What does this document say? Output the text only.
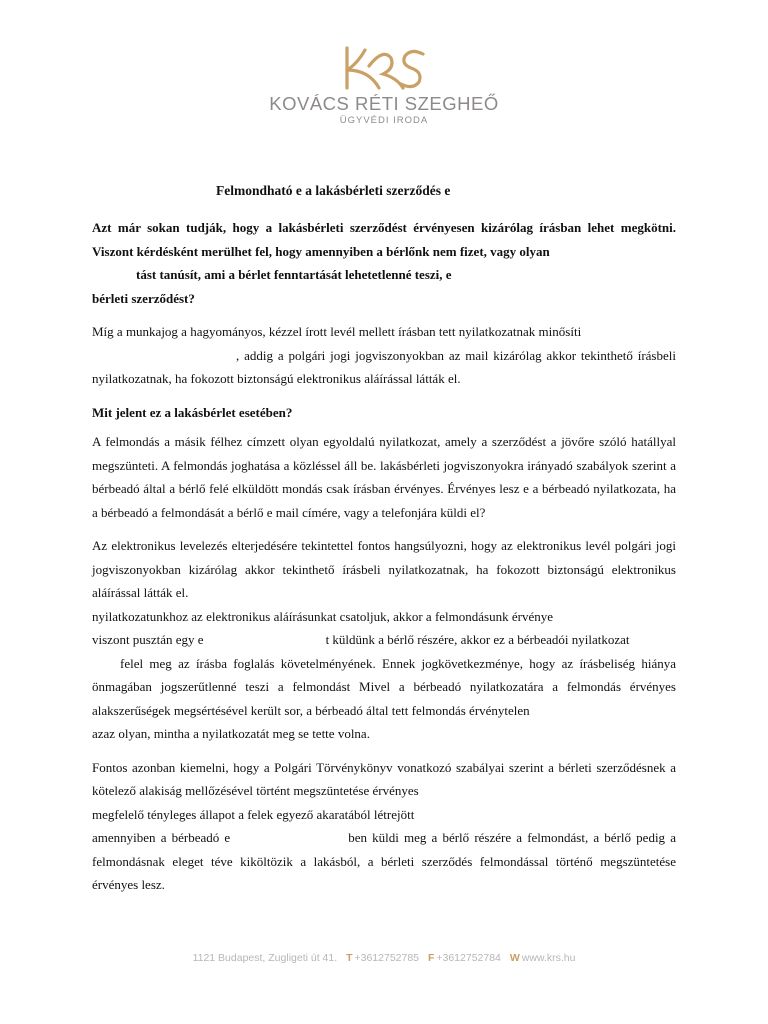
KOVÁCS RÉTI SZEGHEŐ
ÜGYVÉDI IRODA
Felmondható e a lakásbérleti szerződés e

Azt már sokan tudják, hogy a lakásbérleti szerződést érvényesen kizárólag írásban lehet megkötni. Viszont kérdésként merülhet fel, hogy amennyiben a bérlőnk nem fizet, vagy olyan
tást tanúsít, ami a bérlet fenntartását lehetetlenné teszi, e
bérleti szerződést?

Míg a munkajog a hagyományos, kézzel írott levél mellett írásban tett nyilatkozatnak minősíti
, addig a polgári jogi jogviszonyokban az mail kizárólag akkor tekinthető írásbeli nyilatkozatnak, ha fokozott biztonságú elektronikus aláírással látták el.

Mit jelent ez a lakásbérlet esetében?

A felmondás a másik félhez címzett olyan egyoldalú nyilatkozat, amely a szerződést a jövőre szóló hatállyal megszünteti. A felmondás joghatása a közléssel áll be. lakásbérleti jogviszonyokra irányadó szabályok szerint a bérbeadó által a bérlő felé elküldött mondás csak írásban érvényes. Érvényes lesz e a bérbeadó nyilatkozata, ha a bérbeadó a felmondását a bérlő e mail címére, vagy a telefonjára küldi el?

Az elektronikus levelezés elterjedésére tekintettel fontos hangsúlyozni, hogy az elektronikus levél polgári jogi jogviszonyokban kizárólag akkor tekinthető írásbeli nyilatkozatnak, ha fokozott biztonságú elektronikus aláírással látták el.
nyilatkozatunkhoz az elektronikus aláírásunkat csatoljuk, akkor a felmondásunk érvénye
viszont pusztán egy e	t küldünk a bérlő részére, akkor ez a bérbeadói nyilatkozat
felel meg az írásba foglalás követelményének. Ennek jogkövetkezménye, hogy az írásbeliség hiánya önmagában jogszerűtlenné teszi a felmondást Mivel a bérbeadó nyilatkozatára a felmondás érvényes alakszerűségek megsértésével került sor, a bérbeadó által tett felmondás érvénytelen
azaz olyan, mintha a nyilatkozatát meg se tette volna.

Fontos azonban kiemelni, hogy a Polgári Törvénykönyv vonatkozó szabályai szerint a bérleti szerződésnek a kötelező alakiság mellőzésével történt megszüntetése érvényes
megfelelő tényleges állapot a felek egyező akaratából létrejött
amennyiben a bérbeadó e	ben küldi meg a bérlő részére a felmondást, a bérlő pedig a felmondásnak eleget téve kiköltözik a lakásból, a bérleti szerződés felmondással történő megszüntetése érvényes lesz.

1121 Budapest, Zugligeti út 41. T +3612752785 F +3612752784 W www.krs.hu
